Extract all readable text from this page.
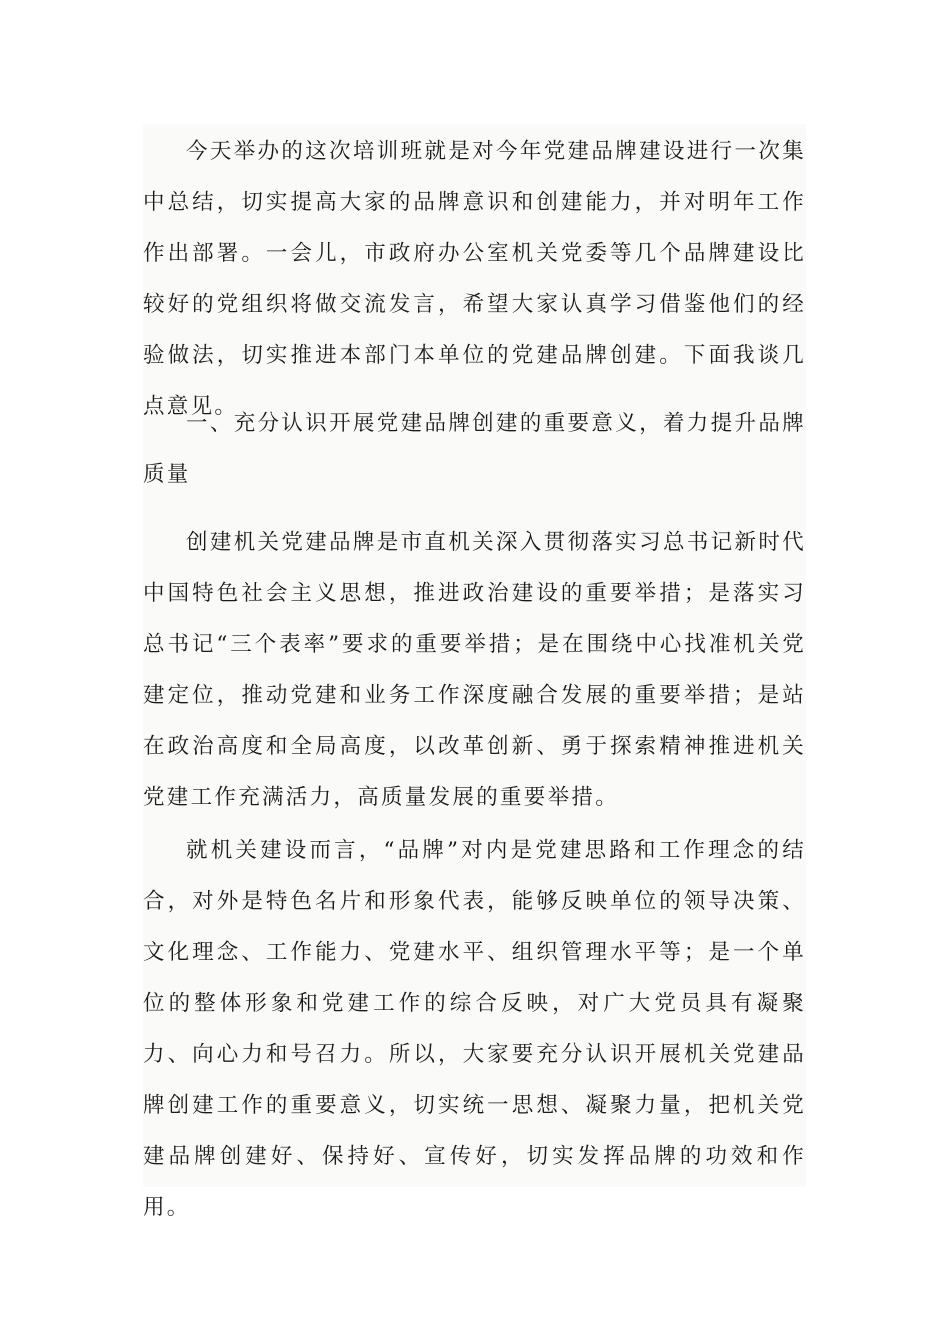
今天举办的这次培训班就是对今年党建品牌建设进行一次集中总结，切实提高大家的品牌意识和创建能力，并对明年工作作出部署。一会儿，市政府办公室机关党委等几个品牌建设比较好的党组织将做交流发言，希望大家认真学习借鉴他们的经验做法，切实推进本部门本单位的党建品牌创建。下面我谈几点意见。

一、充分认识开展党建品牌创建的重要意义，着力提升品牌质量

创建机关党建品牌是市直机关深入贯彻落实习总书记新时代中国特色社会主义思想，推进政治建设的重要举措；是落实习总书记“三个表率”要求的重要举措；是在围绕中心找准机关党建定位，推动党建和业务工作深度融合发展的重要举措；是站在政治高度和全局高度，以改革创新、勇于探索精神推进机关党建工作充满活力，高质量发展的重要举措。

就机关建设而言，“品牌”对内是党建思路和工作理念的结合，对外是特色名片和形象代表，能够反映单位的领导决策、文化理念、工作能力、党建水平、组织管理水平等；是一个单位的整体形象和党建工作的综合反映，对广大党员具有凝聚力、向心力和号召力。所以，大家要充分认识开展机关党建品牌创建工作的重要意义，切实统一思想、凝聚力量，把机关党建品牌创建好、保持好、宣传好，切实发挥品牌的功效和作用。
